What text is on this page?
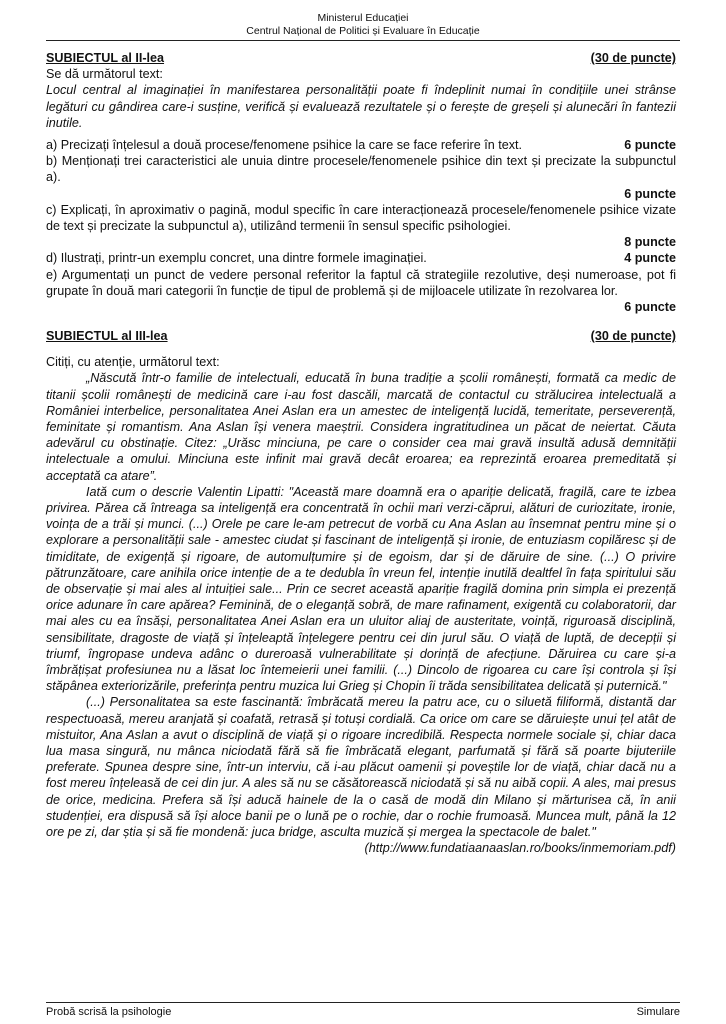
Ministerul Educației
Centrul Național de Politici și Evaluare în Educație
SUBIECTUL al II-lea	(30 de puncte)

Se dă următorul text:

Locul central al imaginației în manifestarea personalității poate fi îndeplinit numai în condițiile unei strânse legături cu gândirea care-i susține, verifică și evaluează rezultatele și o ferește de greșeli și alunecări în fantezii inutile.

a) Precizați înțelesul a două procese/fenomene psihice la care se face referire în text.	6 puncte

b) Menționați trei caracteristici ale unuia dintre procesele/fenomenele psihice din text și precizate la subpunctul a).

6 puncte

c) Explicați, în aproximativ o pagină, modul specific în care interacționează procesele/fenomenele psihice vizate de text și precizate la subpunctul a), utilizând termenii în sensul specific psihologiei.

8 puncte
d) Ilustrați, printr-un exemplu concret, una dintre formele imaginației.	4 puncte

e) Argumentați un punct de vedere personal referitor la faptul că strategiile rezolutive, deși numeroase, pot fi grupate în două mari categorii în funcție de tipul de problemă și de mijloacele utilizate în rezolvarea lor.

6 puncte
SUBIECTUL al III-lea	(30 de puncte)

Citiți, cu atenție, următorul text:

„Născută într-o familie de intelectuali, educată în buna tradiție a școlii românești, formată ca medic de titanii școlii românești de medicină care i-au fost dascăli, marcată de contactul cu strălucirea intelectuală a României interbelice, personalitatea Anei Aslan era un amestec de inteligență lucidă, temeritate, perseverență, feminitate și romantism. Ana Aslan își venera maeștrii. Considera ingratitudinea un păcat de neiertat. Căuta adevărul cu obstinație. Citez: „Urăsc minciuna, pe care o consider cea mai gravă insultă adusă demnității intelectuale a omului. Minciuna este infinit mai gravă decât eroarea; ea reprezintă eroarea premeditată și acceptată ca atare”.

Iată cum o descrie Valentin Lipatti: "Această mare doamnă era o apariție delicată, fragilă, care te izbea privirea. Părea că întreaga sa inteligență era concentrată în ochii mari verzi-căprui, alături de curiozitate, ironie, voința de a trăi și munci. (...) Orele pe care le-am petrecut de vorbă cu Ana Aslan au însemnat pentru mine și o explorare a personalității sale - amestec ciudat și fascinant de inteligență și ironie, de entuziasm copilăresc și de timiditate, de exigență și rigoare, de automulțumire și de egoism, dar și de dăruire de sine. (...) O privire pătrunzătoare, care anihila orice intenție de a te dedubla în vreun fel, intenție inutilă dealtfel în fața spiritului său de observație și mai ales al intuiției sale... Prin ce secret această apariție fragilă domina prin simpla ei prezență orice adunare în care apărea? Feminină, de o eleganță sobră, de mare rafinament, exigentă cu colaboratorii, dar mai ales cu ea însăși, personalitatea Anei Aslan era un uluitor aliaj de austeritate, voință, riguroasă disciplină, sensibilitate, dragoste de viață și înțeleaptă înțelegere pentru cei din jurul său. O viață de luptă, de decepții și triumf, îngropase undeva adânc o dureroasă vulnerabilitate și dorință de afecțiune. Dăruirea cu care și-a îmbrățișat profesiunea nu a lăsat loc întemeierii unei familii. (...) Dincolo de rigoarea cu care își controla și își stăpânea exteriorizările, preferința pentru muzica lui Grieg și Chopin îi trăda sensibilitatea delicată și puternică."

(...) Personalitatea sa este fascinantă: îmbrăcată mereu la patru ace, cu o siluetă filiformă, distantă dar respectuoasă, mereu aranjată și coafată, retrasă și totuși cordială. Ca orice om care se dăruiește unui țel atât de mistuitor, Ana Aslan a avut o disciplină de viață și o rigoare incredibilă. Respecta normele sociale și, chiar daca lua masa singură, nu mânca niciodată fără să fie îmbrăcată elegant, parfumată și fără să poarte bijuteriile preferate. Spunea despre sine, într-un interviu, că i-au plăcut oamenii și poveștile lor de viață, chiar dacă nu a fost mereu înțeleasă de cei din jur. A ales să nu se căsătorească niciodată și să nu aibă copii. A ales, mai presus de orice, medicina. Prefera să își aducă hainele de la o casă de modă din Milano și mărturisea că, în anii studenției, era dispusă să își aloce banii pe o lună pe o rochie, dar o rochie frumoasă. Muncea mult, până la 12 ore pe zi, dar știa și să fie mondenă: juca bridge, asculta muzică și mergea la spectacole de balet."

(http://www.fundatiaanaaslan.ro/books/inmemoriam.pdf)

Probă scrisă la psihologie	Simulare
